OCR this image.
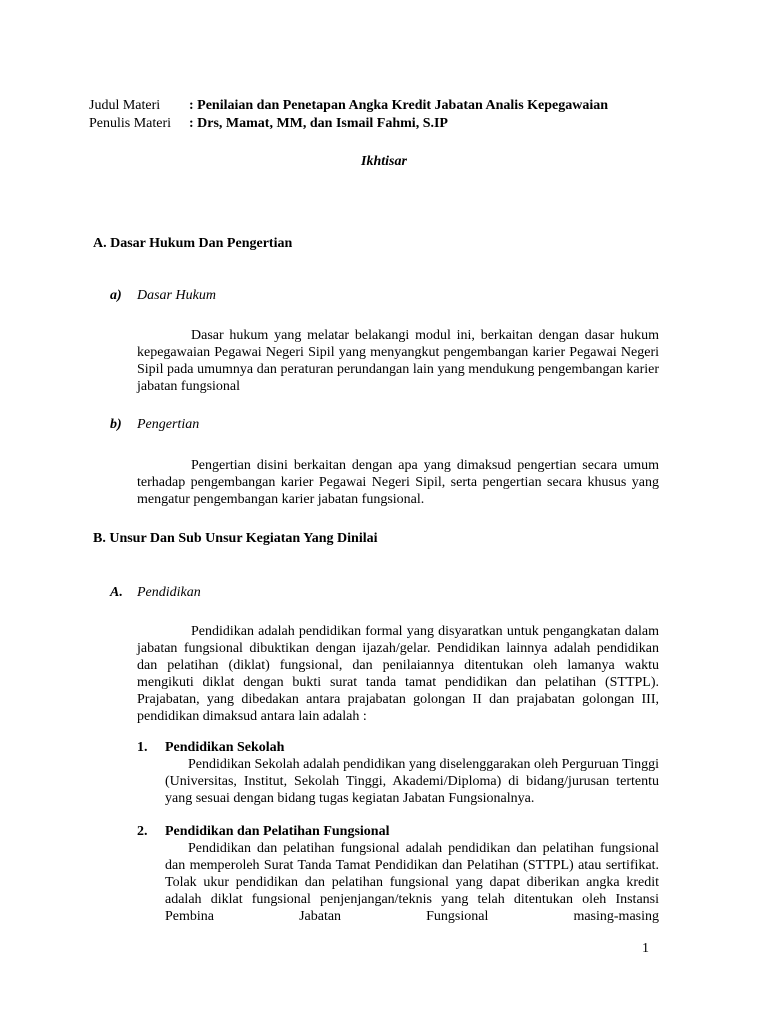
Judul Materi : Penilaian dan Penetapan Angka Kredit Jabatan Analis Kepegawaian
Penulis Materi : Drs, Mamat, MM, dan Ismail Fahmi, S.IP
Ikhtisar
A. Dasar Hukum Dan Pengertian
a) Dasar Hukum
Dasar hukum yang melatar belakangi modul ini, berkaitan dengan dasar hukum kepegawaian Pegawai Negeri Sipil yang menyangkut pengembangan karier Pegawai Negeri Sipil pada umumnya dan peraturan perundangan lain yang mendukung pengembangan karier jabatan fungsional
b) Pengertian
Pengertian disini berkaitan dengan apa yang dimaksud pengertian secara umum terhadap pengembangan karier Pegawai Negeri Sipil, serta pengertian secara khusus yang mengatur pengembangan karier jabatan fungsional.
B. Unsur Dan Sub Unsur Kegiatan Yang Dinilai
A. Pendidikan
Pendidikan adalah pendidikan formal yang disyaratkan untuk pengangkatan dalam jabatan fungsional dibuktikan dengan ijazah/gelar. Pendidikan lainnya adalah pendidikan dan pelatihan (diklat) fungsional, dan penilaiannya ditentukan oleh lamanya waktu mengikuti diklat dengan bukti surat tanda tamat pendidikan dan pelatihan (STTPL). Prajabatan, yang dibedakan antara prajabatan golongan II dan prajabatan golongan III, pendidikan dimaksud antara lain adalah :
1. Pendidikan Sekolah
Pendidikan Sekolah adalah pendidikan yang diselenggarakan oleh Perguruan Tinggi (Universitas, Institut, Sekolah Tinggi, Akademi/Diploma) di bidang/jurusan tertentu yang sesuai dengan bidang tugas kegiatan Jabatan Fungsionalnya.
2. Pendidikan dan Pelatihan Fungsional
Pendidikan dan pelatihan fungsional adalah pendidikan dan pelatihan fungsional dan memperoleh Surat Tanda Tamat Pendidikan dan Pelatihan (STTPL) atau sertifikat. Tolak ukur pendidikan dan pelatihan fungsional yang dapat diberikan angka kredit adalah diklat fungsional penjenjangan/teknis yang telah ditentukan oleh Instansi Pembina Jabatan Fungsional masing-masing
1
